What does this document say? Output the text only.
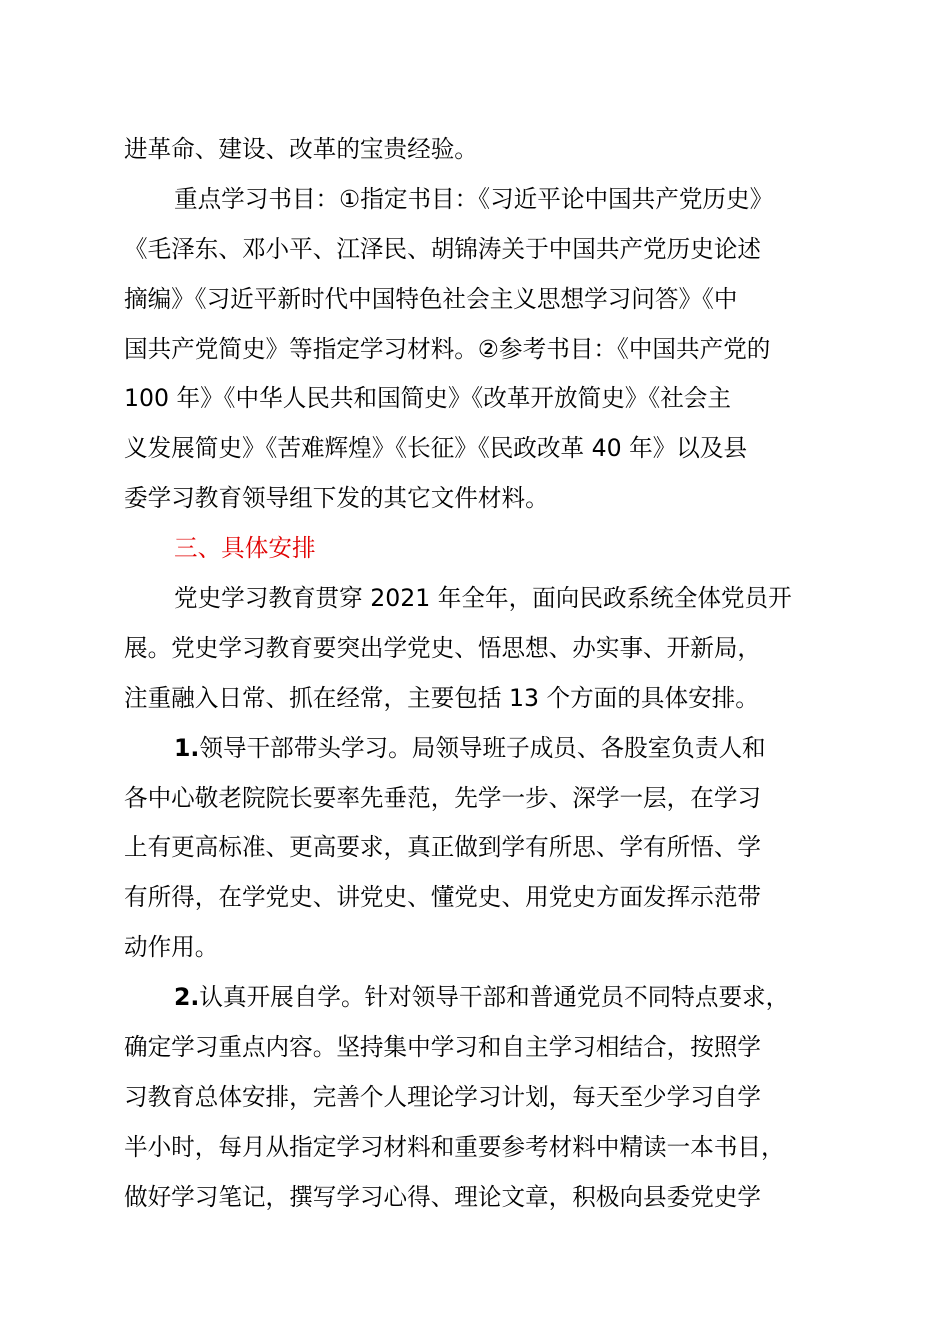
进革命、建设、改革的宝贵经验。
重点学习书目：①指定书目：《习近平论中国共产党历史》
《毛泽东、邓小平、江泽民、胡锦涛关于中国共产党历史论述
摘编》《习近平新时代中国特色社会主义思想学习问答》《中
国共产党简史》等指定学习材料。②参考书目：《中国共产党的
100 年》《中华人民共和国简史》《改革开放简史》《社会主
义发展简史》《苦难辉煌》《长征》《民政改革 40 年》以及县
委学习教育领导组下发的其它文件材料。
三、具体安排
党史学习教育贯穿 2021 年全年，面向民政系统全体党员开
展。党史学习教育要突出学党史、悟思想、办实事、开新局，
注重融入日常、抓在经常，主要包括 13 个方面的具体安排。
1.领导干部带头学习。局领导班子成员、各股室负责人和
各中心敬老院院长要率先垂范，先学一步、深学一层，在学习
上有更高标准、更高要求，真正做到学有所思、学有所悟、学
有所得，在学党史、讲党史、懂党史、用党史方面发挥示范带
动作用。
2.认真开展自学。针对领导干部和普通党员不同特点要求，
确定学习重点内容。坚持集中学习和自主学习相结合，按照学
习教育总体安排，完善个人理论学习计划，每天至少学习自学
半小时，每月从指定学习材料和重要参考材料中精读一本书目，
做好学习笔记，撰写学习心得、理论文章，积极向县委党史学
